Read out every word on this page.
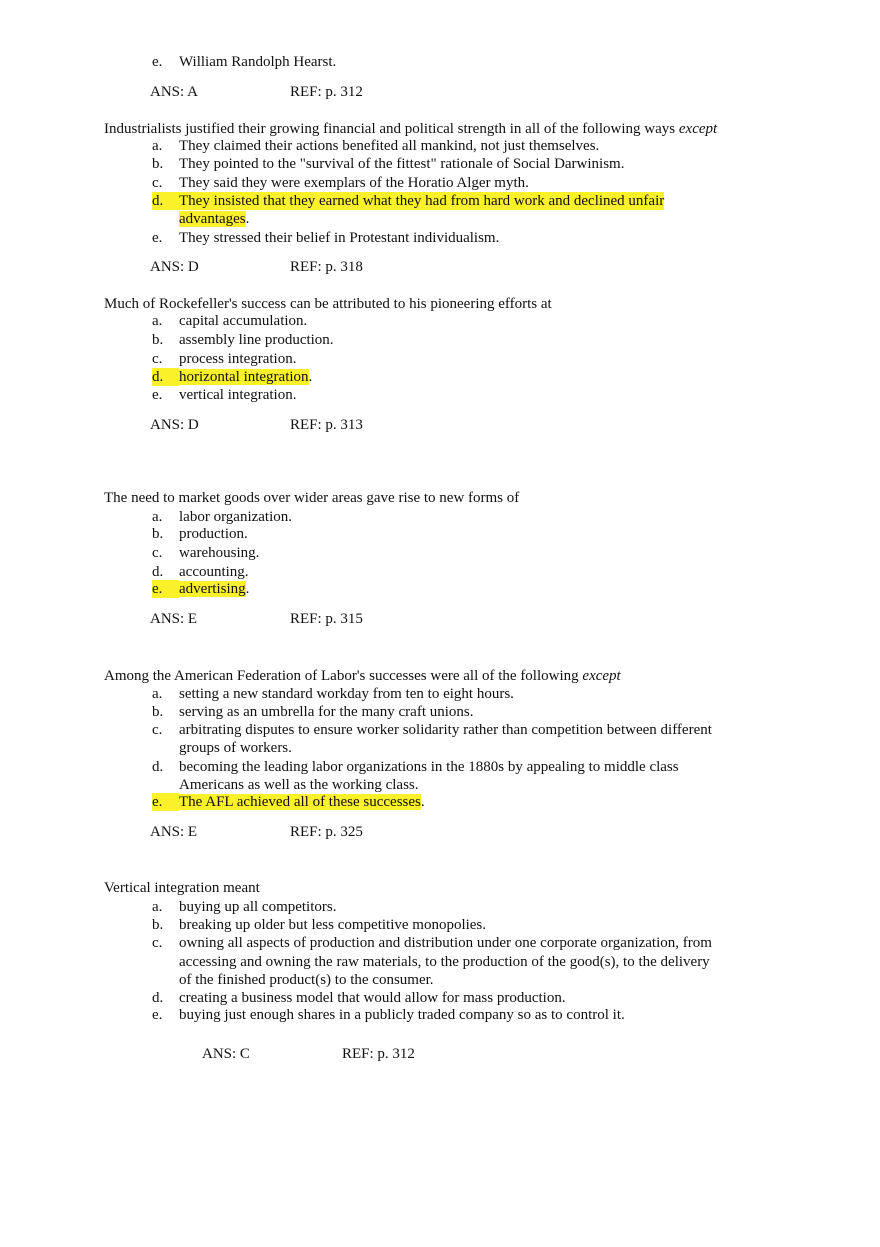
e.	William Randolph Hearst.
ANS: A	REF: p. 312
Industrialists justified their growing financial and political strength in all of the following ways except
a.	They claimed their actions benefited all mankind, not just themselves.
b.	They pointed to the "survival of the fittest" rationale of Social Darwinism.
c.	They said they were exemplars of the Horatio Alger myth.
d.	They insisted that they earned what they had from hard work and declined unfair
advantages.
e.	They stressed their belief in Protestant individualism.
ANS: D	REF: p. 318
Much of Rockefeller's success can be attributed to his pioneering efforts at
a.	capital accumulation.
b.	assembly line production.
c.	process integration.
d.	horizontal integration.
e.	vertical integration.
ANS: D	REF: p. 313
The need to market goods over wider areas gave rise to new forms of
a.	labor organization.
b.	production.
c.	warehousing.
d.	accounting.
e.	advertising.
ANS: E	REF: p. 315
Among the American Federation of Labor's successes were all of the following except
a.	setting a new standard workday from ten to eight hours.
b.	serving as an umbrella for the many craft unions.
c.	arbitrating disputes to ensure worker solidarity rather than competition between different
groups of workers.
d.	becoming the leading labor organizations in the 1880s by appealing to middle class
Americans as well as the working class.
e.	The AFL achieved all of these successes.
ANS: E	REF: p. 325
Vertical integration meant
a.	buying up all competitors.
b.	breaking up older but less competitive monopolies.
c.	owning all aspects of production and distribution under one corporate organization, from
accessing and owning the raw materials, to the production of the good(s), to the delivery
of the finished product(s) to the consumer.
d.	creating a business model that would allow for mass production.
e.	buying just enough shares in a publicly traded company so as to control it.
ANS: C	REF: p. 312
